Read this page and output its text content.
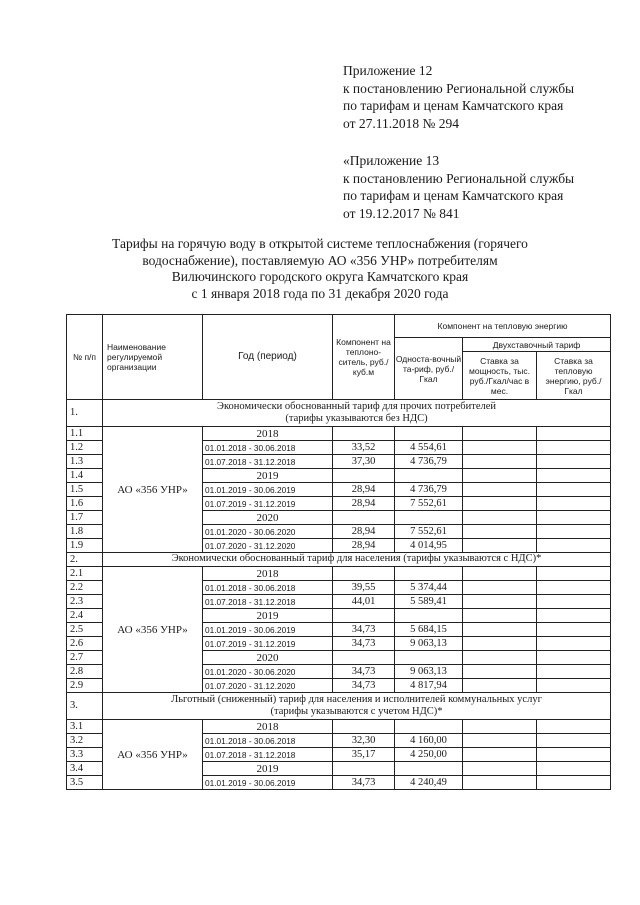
Приложение 12
к постановлению Региональной службы
по тарифам и ценам Камчатского края
от 27.11.2018 № 294
«Приложение 13
к постановлению Региональной службы
по тарифам и ценам Камчатского края
от 19.12.2017 № 841
Тарифы на горячую воду в открытой системе теплоснабжения (горячего
водоснабжение), поставляемую АО «356 УНР» потребителям
Вилючинского городского округа Камчатского края
с 1 января 2018 года по 31 декабря 2020 года
№ п/п	Наименование регулируемой организации	Год (период)	Компонент на теплоно-ситель, руб./куб.м	Компонент на тепловую энергию		
				Односта-вочный та-риф, руб./Гкал	Двухставочный тариф	
					Ставка за мощность, тыс. руб./Гкал/час в мес.	Ставка за тепловую энергию, руб./Гкал
1.	Экономически обоснованный тариф для прочих потребителей
(тарифы указываются без НДС)					

1.1	АО «356 УНР»	2018				
1.2		01.01.2018 - 30.06.2018	33,52	4 554,61		
1.3		01.07.2018 - 31.12.2018	37,30	4 736,79		
1.4		2019				
1.5		01.01.2019 - 30.06.2019	28,94	4 736,79		
1.6		01.07.2019 - 31.12.2019	28,94	7 552,61		
1.7		2020				
1.8		01.01.2020 - 30.06.2020	28,94	7 552,61		
1.9		01.07.2020 - 31.12.2020	28,94	4 014,95		
2.	Экономически обоснованный тариф для населения (тарифы указываются с НДС)*					

2.1	АО «356 УНР»	2018				
2.2		01.01.2018 - 30.06.2018	39,55	5 374,44		
2.3		01.07.2018 - 31.12.2018	44,01	5 589,41		
2.4		2019				
2.5		01.01.2019 - 30.06.2019	34,73	5 684,15		
2.6		01.07.2019 - 31.12.2019	34,73	9 063,13		
2.7		2020				
2.8		01.01.2020 - 30.06.2020	34,73	9 063,13		
2.9		01.07.2020 - 31.12.2020	34,73	4 817,94		
3.	Льготный (сниженный) тариф для населения и исполнителей коммунальных услуг
(тарифы указываются с учетом НДС)*					

3.1	АО «356 УНР»	2018				
3.2		01.01.2018 - 30.06.2018	32,30	4 160,00		
3.3		01.07.2018 - 31.12.2018	35,17	4 250,00		
3.4		2019				
3.5		01.01.2019 - 30.06.2019	34,73	4 240,49		
